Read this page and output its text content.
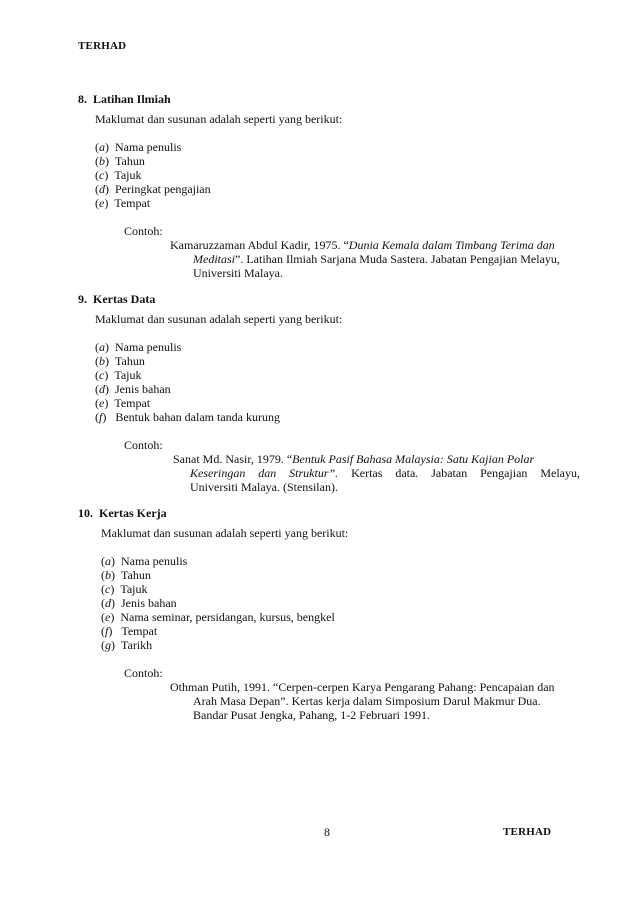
TERHAD
8. Latihan Ilmiah
Maklumat dan susunan adalah seperti yang berikut:
(a)  Nama penulis
(b)  Tahun
(c)  Tajuk
(d)  Peringkat pengajian
(e)  Tempat
Contoh:
Kamaruzzaman Abdul Kadir, 1975. “Dunia Kemala dalam Timbang Terima dan
Meditasi”. Latihan Ilmiah Sarjana Muda Sastera. Jabatan Pengajian Melayu,
Universiti Malaya.
9. Kertas Data
Maklumat dan susunan adalah seperti yang berikut:
(a)  Nama penulis
(b)  Tahun
(c)  Tajuk
(d)  Jenis bahan
(e)  Tempat
(f)   Bentuk bahan dalam tanda kurung
Contoh:
Sanat Md. Nasir, 1979. “Bentuk Pasif Bahasa Malaysia: Satu Kajian Polar
Keseringan dan Struktur”. Kertas data. Jabatan Pengajian Melayu,
Universiti Malaya. (Stensilan).
10. Kertas Kerja
Maklumat dan susunan adalah seperti yang berikut:
(a)  Nama penulis
(b)  Tahun
(c)  Tajuk
(d)  Jenis bahan
(e)  Nama seminar, persidangan, kursus, bengkel
(f)   Tempat
(g)  Tarikh
Contoh:
Othman Putih, 1991. “Cerpen-cerpen Karya Pengarang Pahang: Pencapaian dan
Arah Masa Depan”. Kertas kerja dalam Simposium Darul Makmur Dua.
Bandar Pusat Jengka, Pahang, 1-2 Februari 1991.
8	TERHAD
